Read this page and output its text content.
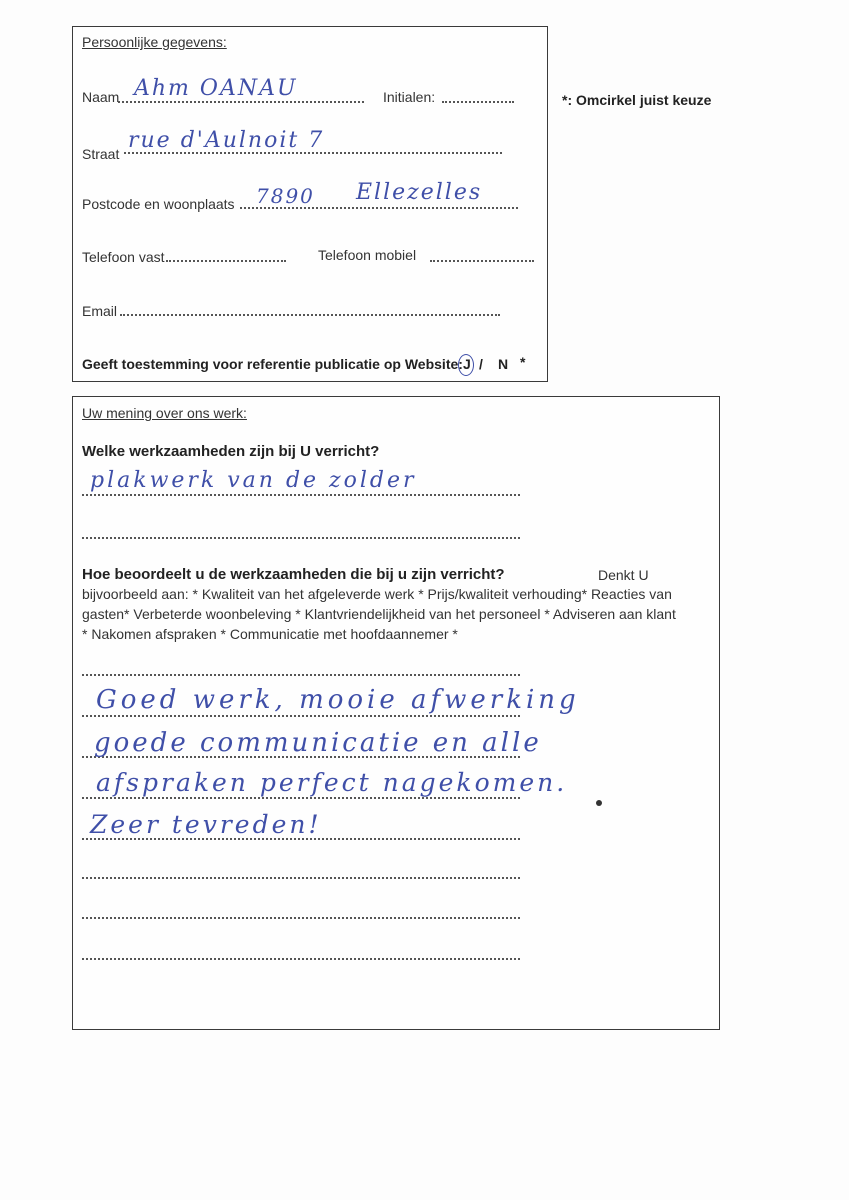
*: Omcirkel juist keuze
Persoonlijke gegevens:
Naam Ahm OANAU	Initialen:
Straat
rue d'Aulnoit 7
Postcode en woonplaats 7890 Ellezelles
Telefoon vast	Telefoon mobiel
Email
Geeft toestemming voor referentie publicatie op Website: J / N *
Uw mening over ons werk:
Welke werkzaamheden zijn bij U verricht?
plakwerk van de zolder
Hoe beoordeelt u de werkzaamheden die bij u zijn verricht?	Denkt U
bijvoorbeeld aan: * Kwaliteit van het afgeleverde werk * Prijs/kwaliteit verhouding* Reacties van
gasten* Verbeterde woonbeleving * Klantvriendelijkheid van het personeel * Adviseren aan klant
* Nakomen afspraken * Communicatie met hoofdaannemer *
Goed werk, mooie afwerking
goede communicatie en alle
afspraken perfect nagekomen.
Zeer tevreden!
